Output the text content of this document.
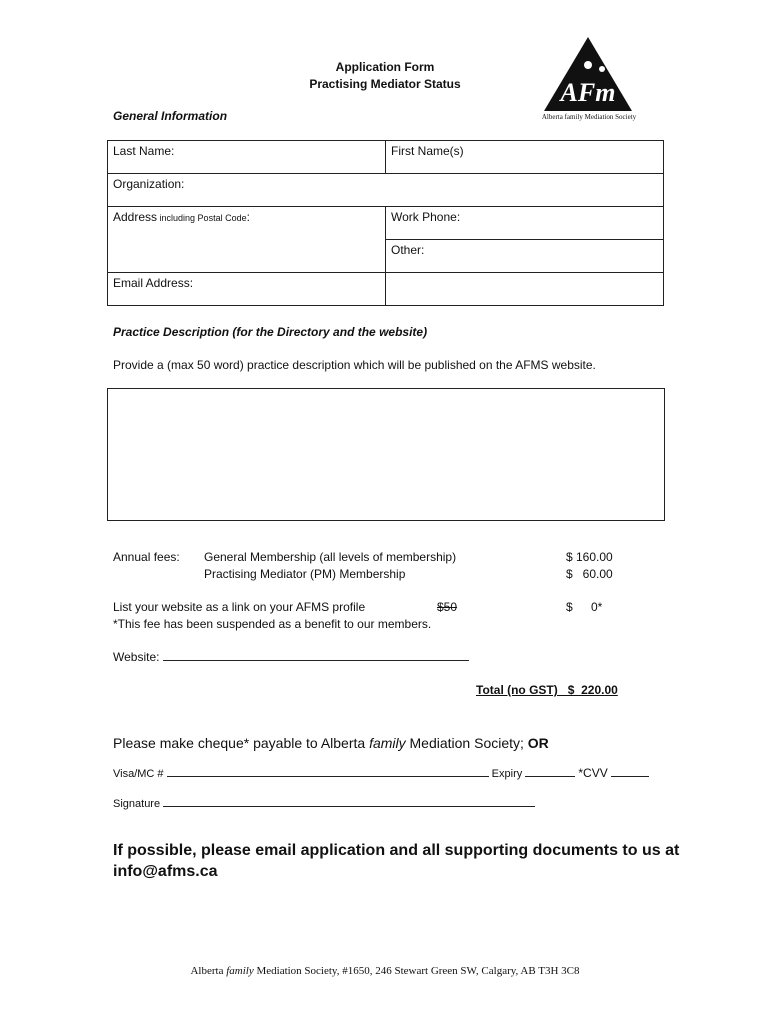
Application Form
Practising Mediator Status	AFm
Alberta family Mediation Society
General Information
Last Name:	First Name(s)
Organization:
Address including Postal Code:	Work Phone:
Other:
Email Address:
Practice Description (for the Directory and the website)
Provide a (max 50 word) practice description which will be published on the AFMS website.
Annual fees: General Membership (all levels of membership)	$ 160.00
Practising Mediator (PM) Membership	$   60.00
List your website as a link on your AFMS profile	$50	$ 0*
*This fee has been suspended as a benefit to our members.
Website:
Total (no GST)   $  220.00
Please make cheque* payable to Alberta family Mediation Society; OR
Visa/MC #	Expiry	*CVV
Signature
If possible, please email application and all supporting documents to us at
info@afms.ca
Alberta family Mediation Society, #1650, 246 Stewart Green SW, Calgary, AB T3H 3C8
